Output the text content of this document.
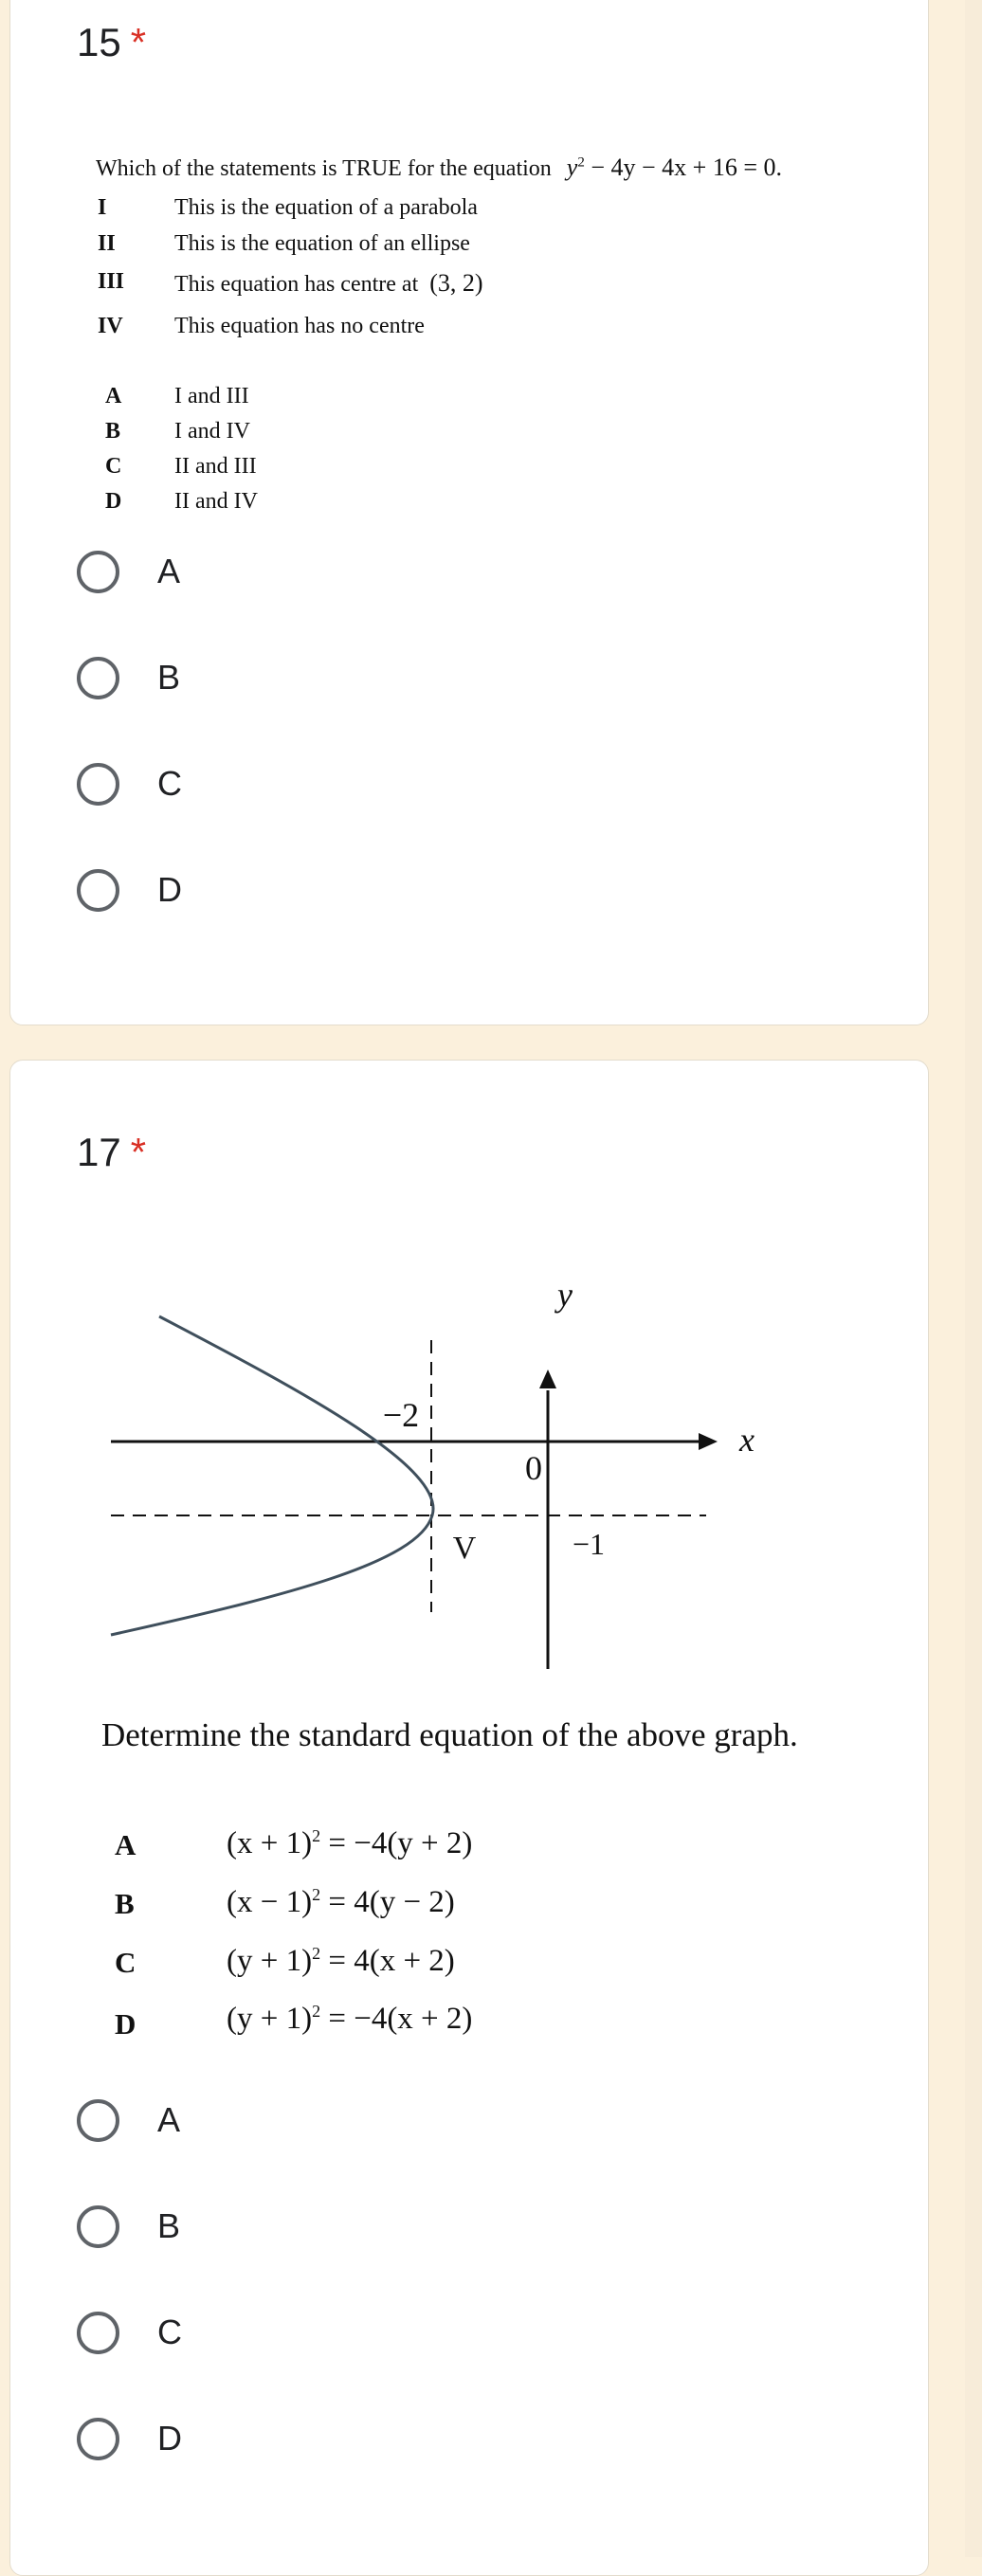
15 *
Which of the statements is TRUE for the equation $y^2 - 4y - 4x + 16 = 0$.
I	This is the equation of a parabola
II	This is the equation of an ellipse
III This equation has centre at (3, 2)
IV This equation has no centre
A I and III
B I and IV
C II and III
D II and IV
A
B
C
D
17 *
y
x
0
−2
−1
V
Determine the standard equation of the above graph.
A	$(x + 1)^2 = -4(y + 2)$
B	$(x - 1)^2 = 4(y - 2)$
C	$(y + 1)^2 = 4(x + 2)$
D	$(y + 1)^2 = -4(x + 2)$
A
B
C
D
